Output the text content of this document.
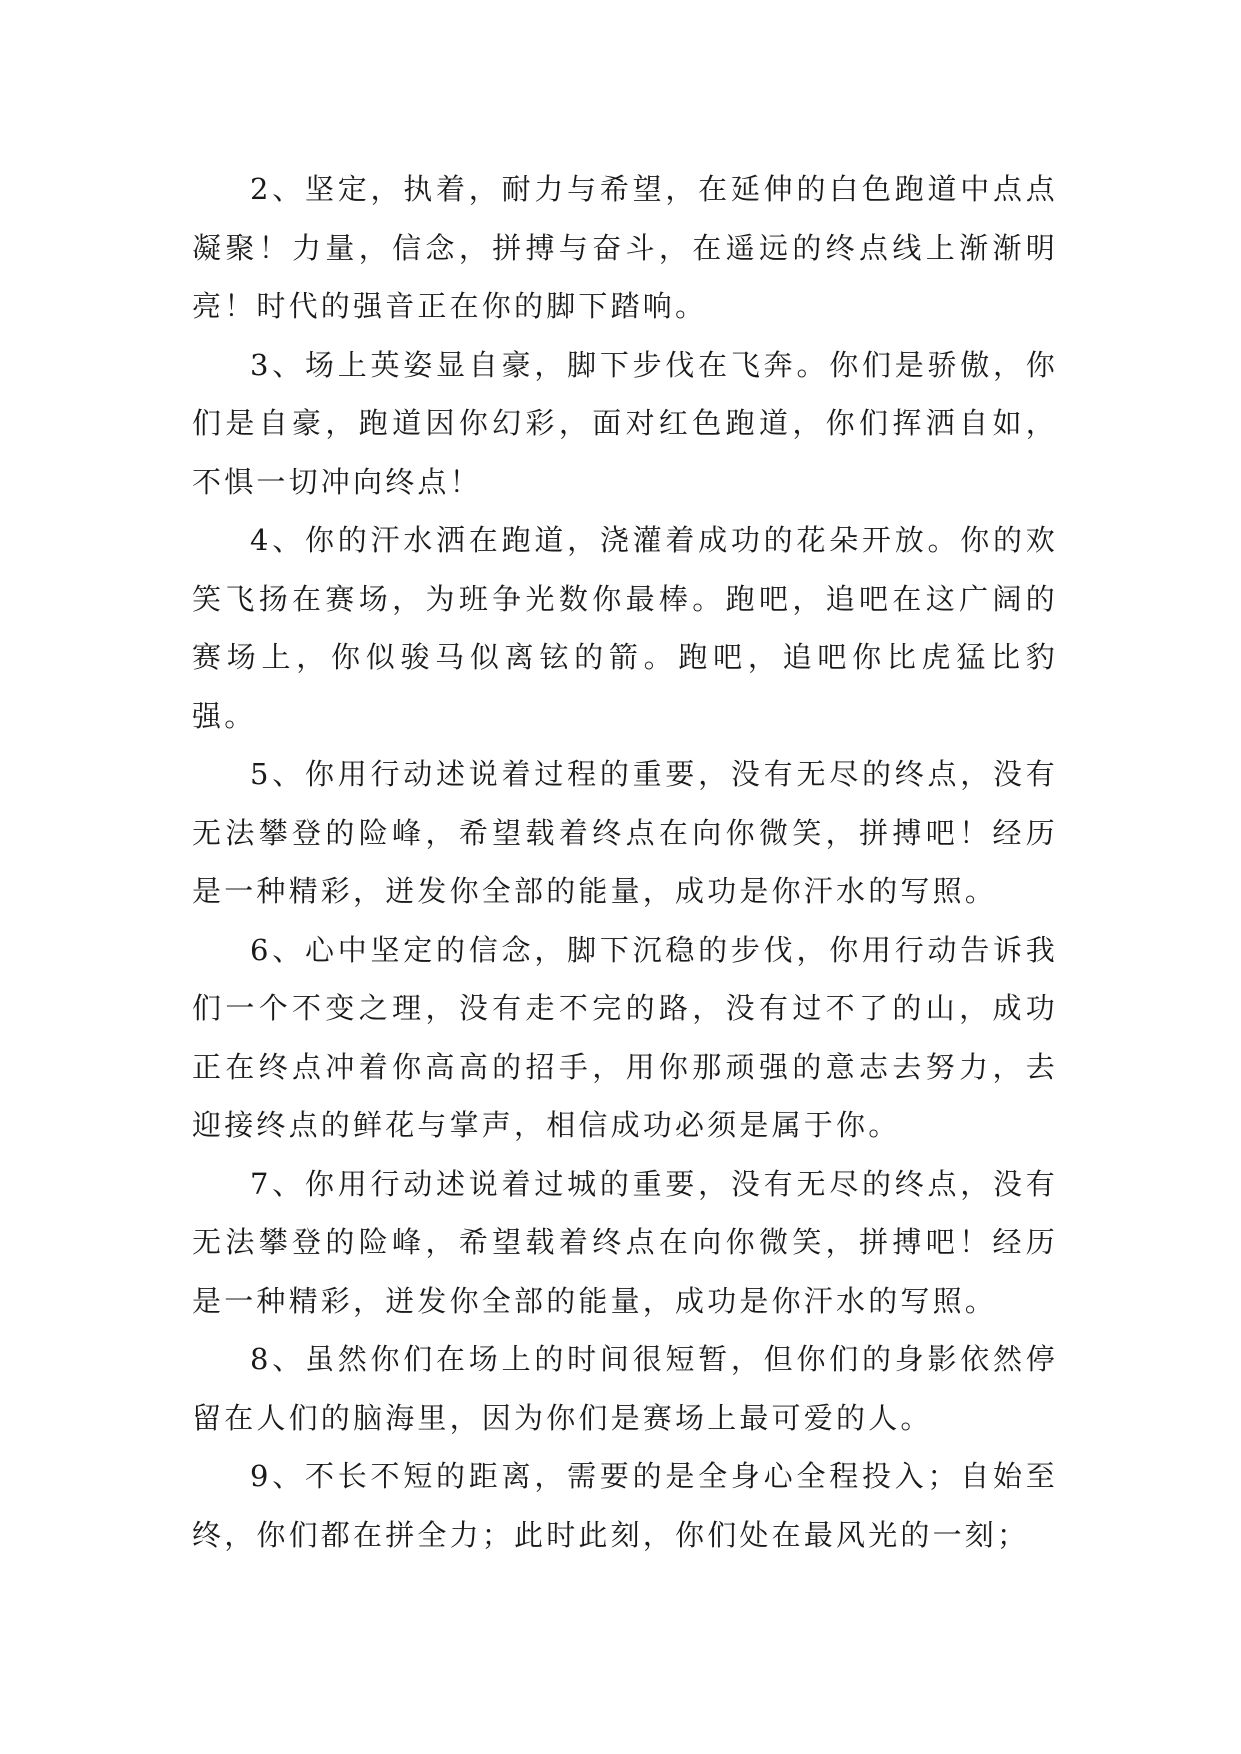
2、坚定，执着，耐力与希望，在延伸的白色跑道中点点凝聚！力量，信念，拼搏与奋斗，在遥远的终点线上渐渐明亮！时代的强音正在你的脚下踏响。

3、场上英姿显自豪，脚下步伐在飞奔。你们是骄傲，你们是自豪，跑道因你幻彩，面对红色跑道，你们挥洒自如，不惧一切冲向终点！

4、你的汗水洒在跑道，浇灌着成功的花朵开放。你的欢笑飞扬在赛场，为班争光数你最棒。跑吧，追吧在这广阔的赛场上，你似骏马似离铉的箭。跑吧，追吧你比虎猛比豹强。

5、你用行动述说着过程的重要，没有无尽的终点，没有无法攀登的险峰，希望载着终点在向你微笑，拼搏吧！经历是一种精彩，迸发你全部的能量，成功是你汗水的写照。

6、心中坚定的信念，脚下沉稳的步伐，你用行动告诉我们一个不变之理，没有走不完的路，没有过不了的山，成功正在终点冲着你高高的招手，用你那顽强的意志去努力，去迎接终点的鲜花与掌声，相信成功必须是属于你。

7、你用行动述说着过城的重要，没有无尽的终点，没有无法攀登的险峰，希望载着终点在向你微笑，拼搏吧！经历是一种精彩，迸发你全部的能量，成功是你汗水的写照。

8、虽然你们在场上的时间很短暂，但你们的身影依然停留在人们的脑海里，因为你们是赛场上最可爱的人。

9、不长不短的距离，需要的是全身心全程投入；自始至终，你们都在拼全力；此时此刻，你们处在最风光的一刻；
